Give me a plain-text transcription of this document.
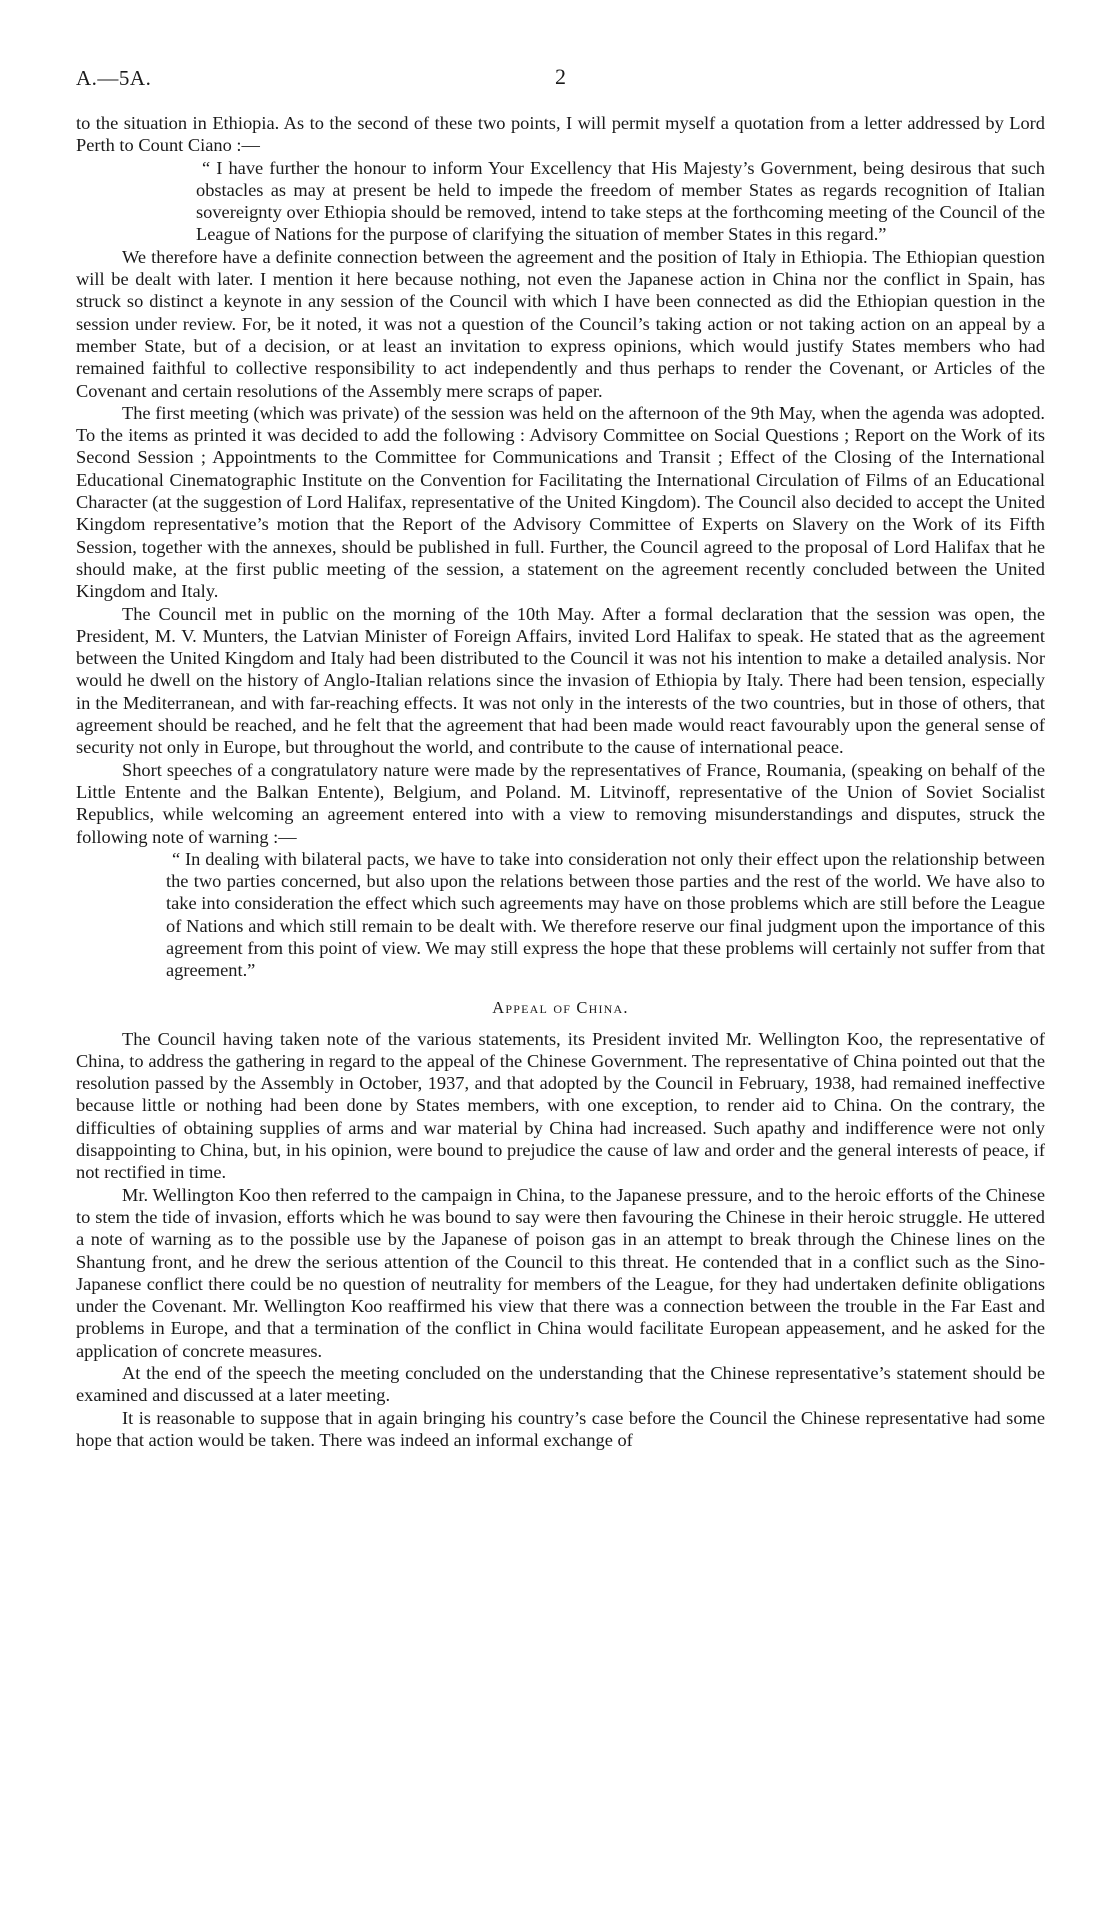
A.—5A.	2

to the situation in Ethiopia. As to the second of these two points, I will permit myself a quotation from a letter addressed by Lord Perth to Count Ciano :—

“ I have further the honour to inform Your Excellency that His Majesty’s Government, being desirous that such obstacles as may at present be held to impede the freedom of member States as regards recognition of Italian sovereignty over Ethiopia should be removed, intend to take steps at the forthcoming meeting of the Council of the League of Nations for the purpose of clarifying the situation of member States in this regard.”

We therefore have a definite connection between the agreement and the position of Italy in Ethiopia. The Ethiopian question will be dealt with later. I mention it here because nothing, not even the Japanese action in China nor the conflict in Spain, has struck so distinct a keynote in any session of the Council with which I have been connected as did the Ethiopian question in the session under review. For, be it noted, it was not a question of the Council’s taking action or not taking action on an appeal by a member State, but of a decision, or at least an invitation to express opinions, which would justify States members who had remained faithful to collective responsibility to act independently and thus perhaps to render the Covenant, or Articles of the Covenant and certain resolutions of the Assembly mere scraps of paper.

The first meeting (which was private) of the session was held on the afternoon of the 9th May, when the agenda was adopted. To the items as printed it was decided to add the following : Advisory Committee on Social Questions ; Report on the Work of its Second Session ; Appointments to the Committee for Communications and Transit ; Effect of the Closing of the International Educational Cinematographic Institute on the Convention for Facilitating the International Circulation of Films of an Educational Character (at the suggestion of Lord Halifax, representative of the United Kingdom). The Council also decided to accept the United Kingdom representative’s motion that the Report of the Advisory Committee of Experts on Slavery on the Work of its Fifth Session, together with the annexes, should be published in full. Further, the Council agreed to the proposal of Lord Halifax that he should make, at the first public meeting of the session, a statement on the agreement recently concluded between the United Kingdom and Italy.

The Council met in public on the morning of the 10th May. After a formal declaration that the session was open, the President, M. V. Munters, the Latvian Minister of Foreign Affairs, invited Lord Halifax to speak. He stated that as the agreement between the United Kingdom and Italy had been distributed to the Council it was not his intention to make a detailed analysis. Nor would he dwell on the history of Anglo-Italian relations since the invasion of Ethiopia by Italy. There had been tension, especially in the Mediterranean, and with far-reaching effects. It was not only in the interests of the two countries, but in those of others, that agreement should be reached, and he felt that the agreement that had been made would react favourably upon the general sense of security not only in Europe, but throughout the world, and contribute to the cause of international peace.

Short speeches of a congratulatory nature were made by the representatives of France, Roumania, (speaking on behalf of the Little Entente and the Balkan Entente), Belgium, and Poland. M. Litvinoff, representative of the Union of Soviet Socialist Republics, while welcoming an agreement entered into with a view to removing misunderstandings and disputes, struck the following note of warning :—

“ In dealing with bilateral pacts, we have to take into consideration not only their effect upon the relationship between the two parties concerned, but also upon the relations between those parties and the rest of the world. We have also to take into consideration the effect which such agreements may have on those problems which are still before the League of Nations and which still remain to be dealt with. We therefore reserve our final judgment upon the importance of this agreement from this point of view. We may still express the hope that these problems will certainly not suffer from that agreement.”

Appeal of China.

The Council having taken note of the various statements, its President invited Mr. Wellington Koo, the representative of China, to address the gathering in regard to the appeal of the Chinese Government. The representative of China pointed out that the resolution passed by the Assembly in October, 1937, and that adopted by the Council in February, 1938, had remained ineffective because little or nothing had been done by States members, with one exception, to render aid to China. On the contrary, the difficulties of obtaining supplies of arms and war material by China had increased. Such apathy and indifference were not only disappointing to China, but, in his opinion, were bound to prejudice the cause of law and order and the general interests of peace, if not rectified in time.

Mr. Wellington Koo then referred to the campaign in China, to the Japanese pressure, and to the heroic efforts of the Chinese to stem the tide of invasion, efforts which he was bound to say were then favouring the Chinese in their heroic struggle. He uttered a note of warning as to the possible use by the Japanese of poison gas in an attempt to break through the Chinese lines on the Shantung front, and he drew the serious attention of the Council to this threat. He contended that in a conflict such as the Sino-Japanese conflict there could be no question of neutrality for members of the League, for they had undertaken definite obligations under the Covenant. Mr. Wellington Koo reaffirmed his view that there was a connection between the trouble in the Far East and problems in Europe, and that a termination of the conflict in China would facilitate European appeasement, and he asked for the application of concrete measures.

At the end of the speech the meeting concluded on the understanding that the Chinese representative’s statement should be examined and discussed at a later meeting.

It is reasonable to suppose that in again bringing his country’s case before the Council the Chinese representative had some hope that action would be taken. There was indeed an informal exchange of
